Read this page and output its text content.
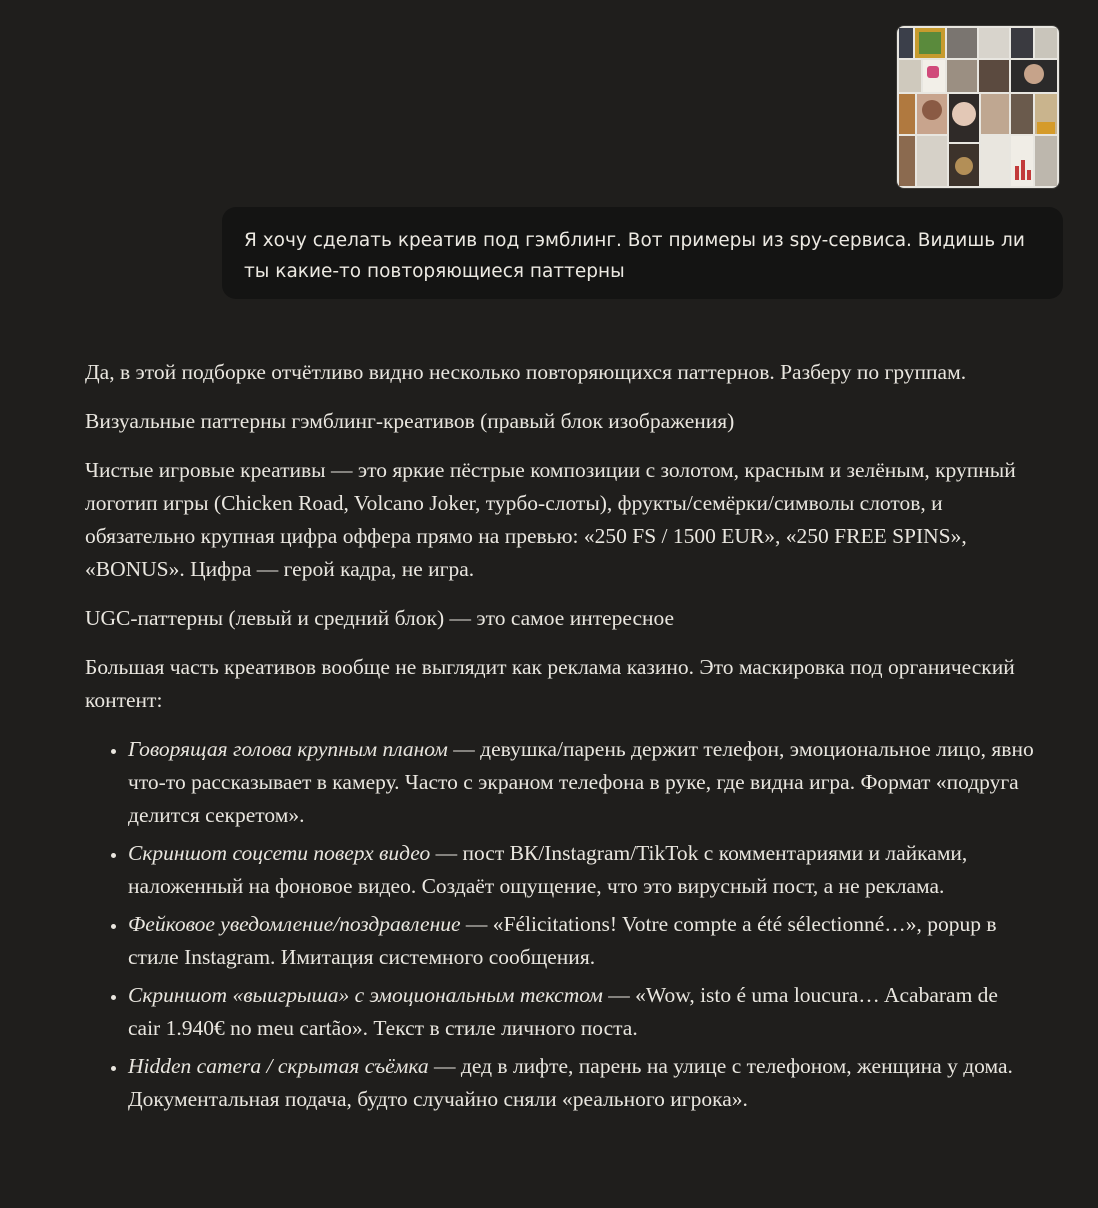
Я хочу сделать креатив под гэмблинг. Вот примеры из spy-сервиса. Видишь ли ты какие-то повторяющиеся паттерны

Да, в этой подборке отчётливо видно несколько повторяющихся паттернов. Разберу по группам.

Визуальные паттерны гэмблинг-креативов (правый блок изображения)

Чистые игровые креативы — это яркие пёстрые композиции с золотом, красным и зелёным, крупный логотип игры (Chicken Road, Volcano Joker, турбо-слоты), фрукты/семёрки/символы слотов, и обязательно крупная цифра оффера прямо на превью: «250 FS / 1500 EUR», «250 FREE SPINS», «BONUS». Цифра — герой кадра, не игра.

UGC-паттерны (левый и средний блок) — это самое интересное

Большая часть креативов вообще не выглядит как реклама казино. Это маскировка под органический контент:

• Говорящая голова крупным планом — девушка/парень держит телефон, эмоциональное лицо, явно что-то рассказывает в камеру. Часто с экраном телефона в руке, где видна игра. Формат «подруга делится секретом».
• Скриншот соцсети поверх видео — пост ВК/Instagram/TikTok с комментариями и лайками, наложенный на фоновое видео. Создаёт ощущение, что это вирусный пост, а не реклама.
• Фейковое уведомление/поздравление — «Félicitations! Votre compte a été sélectionné…», popup в стиле Instagram. Имитация системного сообщения.
• Скриншот «выигрыша» с эмоциональным текстом — «Wow, isto é uma loucura… Acabaram de cair 1.940€ no meu cartão». Текст в стиле личного поста.
• Hidden camera / скрытая съёмка — дед в лифте, парень на улице с телефоном, женщина у дома. Документальная подача, будто случайно сняли «реального игрока».
